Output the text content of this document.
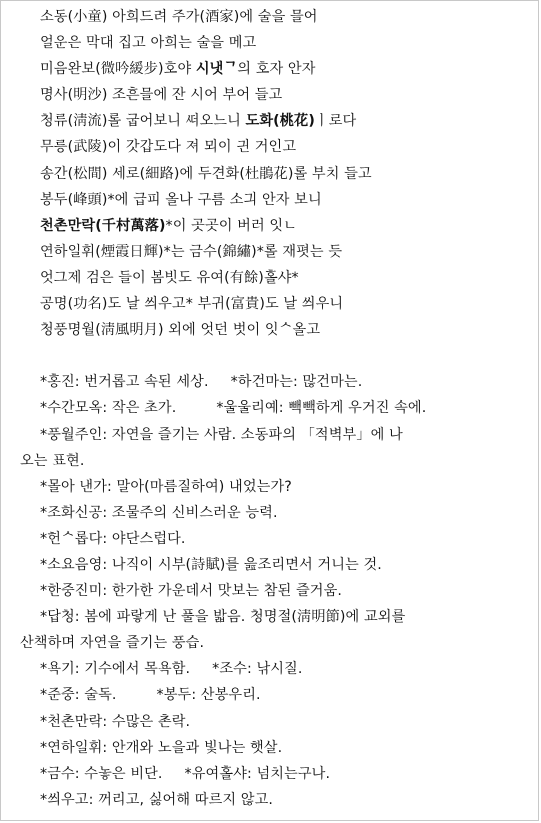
소동(小童) 아희드려 주가(酒家)에 술을 믈어
얼운은 막대 집고 아희는 술을 메고
미음완보(微吟緩步)호야 시냇ᄀ의 호자 안자
명사(明沙) 조흔믈에 잔 시어 부어 들고
청류(淸流)롤 굽어보니 ᄯᅥ오느니 도화(桃花)ㅣ로다
무릉(武陵)이 갓갑도다 져 뫼이 긘 거인고
송간(松間) 세로(細路)에 두견화(杜鵑花)롤 부치 들고
봉두(峰頭)*에 급피 올나 구름 소긔 안자 보니
천촌만락(千村萬落)*이 곳곳이 버러 잇ㄴ
연하일휘(煙霞日輝)*는 금수(錦繡)*롤 재폇는 듯
엇그제 검은 들이 봄빗도 유여(有餘)홀샤*
공명(功名)도 날 씌우고* 부귀(富貴)도 날 씌우니
청풍명월(淸風明月) 외에 엇던 벗이 잇ᄉ올고
*홍진: 번거롭고 속된 세상. *하건마는: 많건마는.
*수간모옥: 작은 초가.	*울울리예: 빽빽하게 우거진 속에.
*풍월주인: 자연을 즐기는 사람. 소동파의 「적벽부」에 나
오는 표현.
*몰아 낸가: 말아(마름질하여) 내었는가?
*조화신공: 조물주의 신비스러운 능력.
*헌ᄉ롭다: 야단스럽다.
*소요음영: 나직이 시부(詩賦)를 읊조리면서 거니는 것.
*한중진미: 한가한 가운데서 맛보는 참된 즐거움.
*답청: 봄에 파랗게 난 풀을 밟음. 청명절(淸明節)에 교외를
산책하며 자연을 즐기는 풍습.
*욕기: 기수에서 목욕함. *조수: 낚시질.
*준중: 술독.	*봉두: 산봉우리.
*천촌만락: 수많은 촌락.
*연하일휘: 안개와 노을과 빛나는 햇살.
*금수: 수놓은 비단. *유여홀샤: 넘치는구나.
*씌우고: 꺼리고, 싫어해 따르지 않고.
